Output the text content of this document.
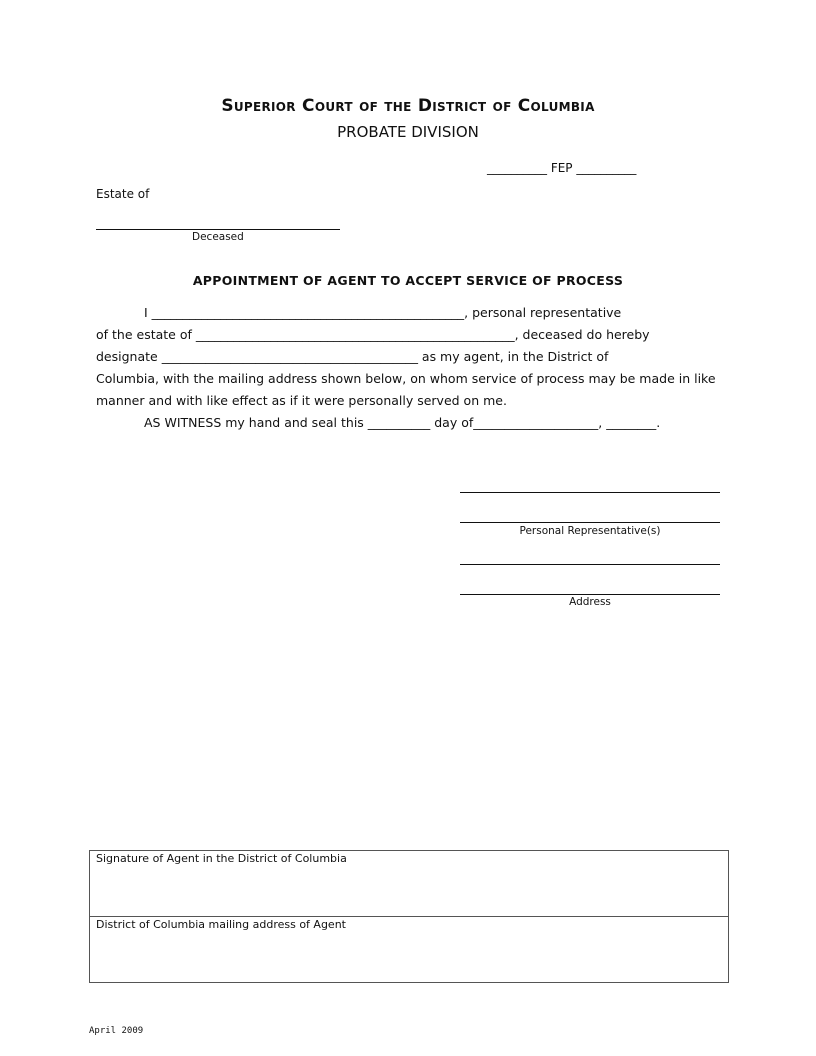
Superior Court of the District of Columbia
PROBATE DIVISION
__________ FEP __________
Estate of
Deceased
APPOINTMENT OF AGENT TO ACCEPT SERVICE OF PROCESS
I __________________________________________________, personal representative
of the estate of ___________________________________________________, deceased do hereby
designate _________________________________________ as my agent, in the District of
Columbia, with the mailing address shown below, on whom service of process may be made in like
manner and with like effect as if it were personally served on me.
AS WITNESS my hand and seal this __________ day of____________________, ________.
Personal Representative(s)
Address
Signature of Agent in the District of Columbia
District of Columbia mailing address of Agent
April 2009
